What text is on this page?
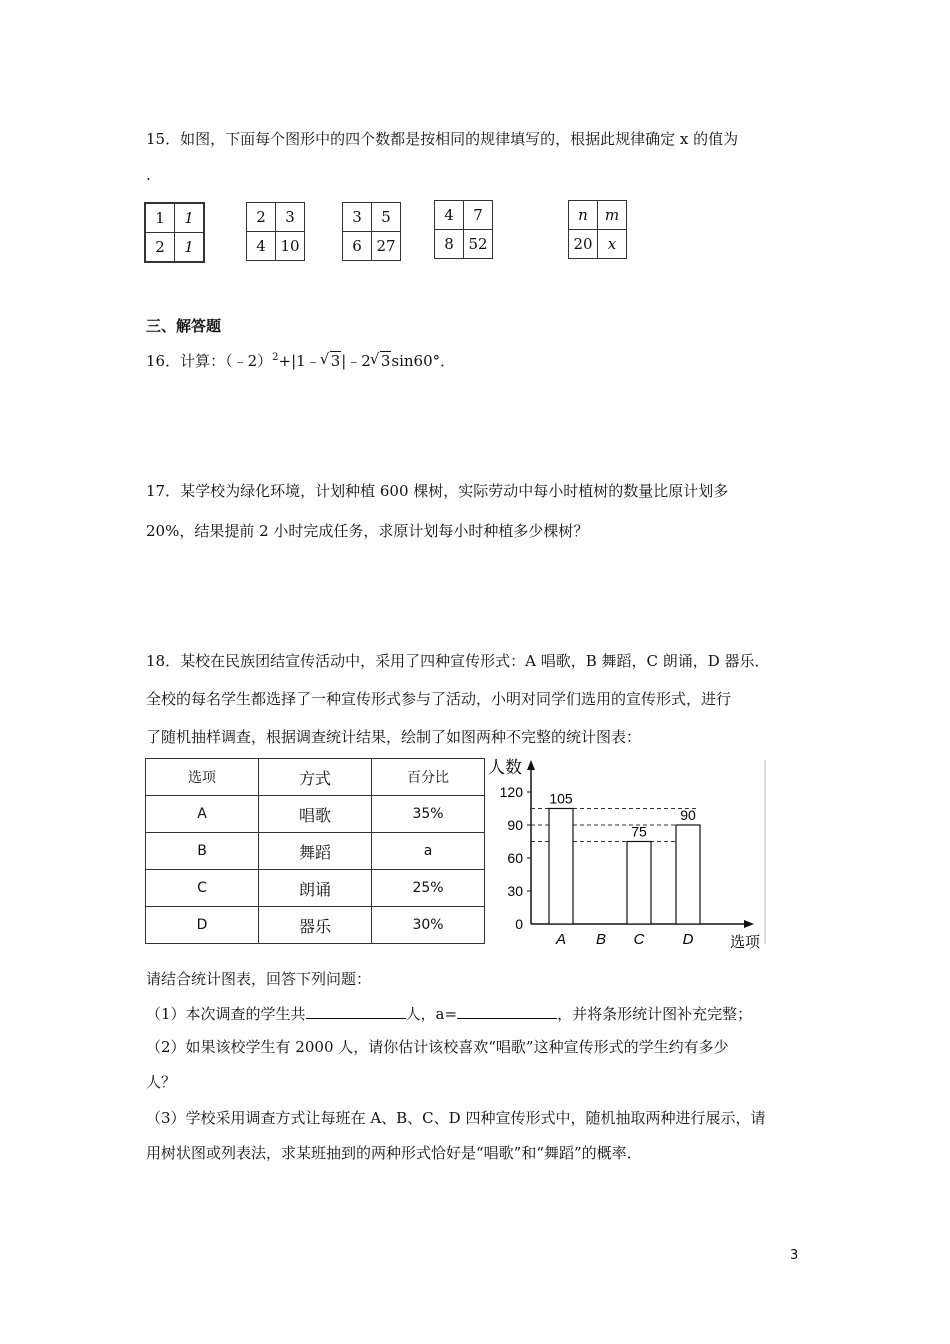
15．如图，下面每个图形中的四个数都是按相同的规律填写的，根据此规律确定 x 的值为
.
1	1
2	1
2	3
4	10
3	5
6	27
4	7
8	52
n	m
20	x
三、解答题
16．计算：（﹣2）$^2$+|1﹣ √ 3|﹣2 √ 3sin60°．
17．某学校为绿化环境，计划种植 600 棵树，实际劳动中每小时植树的数量比原计划多
20%，结果提前 2 小时完成任务，求原计划每小时种植多少棵树？
18．某校在民族团结宣传活动中，采用了四种宣传形式：A 唱歌，B 舞蹈，C 朗诵，D 器乐．
全校的每名学生都选择了一种宣传形式参与了活动，小明对同学们选用的宣传形式，进行
了随机抽样调查，根据调查统计结果，绘制了如图两种不完整的统计图表：
选项	方式	百分比
A	唱歌	35%
B	舞蹈	a
C	朗诵	25%
D	器乐	30%
人数
选项
0
30
60
90
120 105
A B
75
C
90
D
请结合统计图表，回答下列问题：
（1）本次调查的学生共	人，a=	，并将条形统计图补充完整；
（2）如果该校学生有 2000 人，请你估计该校喜欢“唱歌”这种宣传形式的学生约有多少
人？
（3）学校采用调查方式让每班在 A、B、C、D 四种宣传形式中，随机抽取两种进行展示，请
用树状图或列表法，求某班抽到的两种形式恰好是“唱歌”和“舞蹈”的概率．
3
